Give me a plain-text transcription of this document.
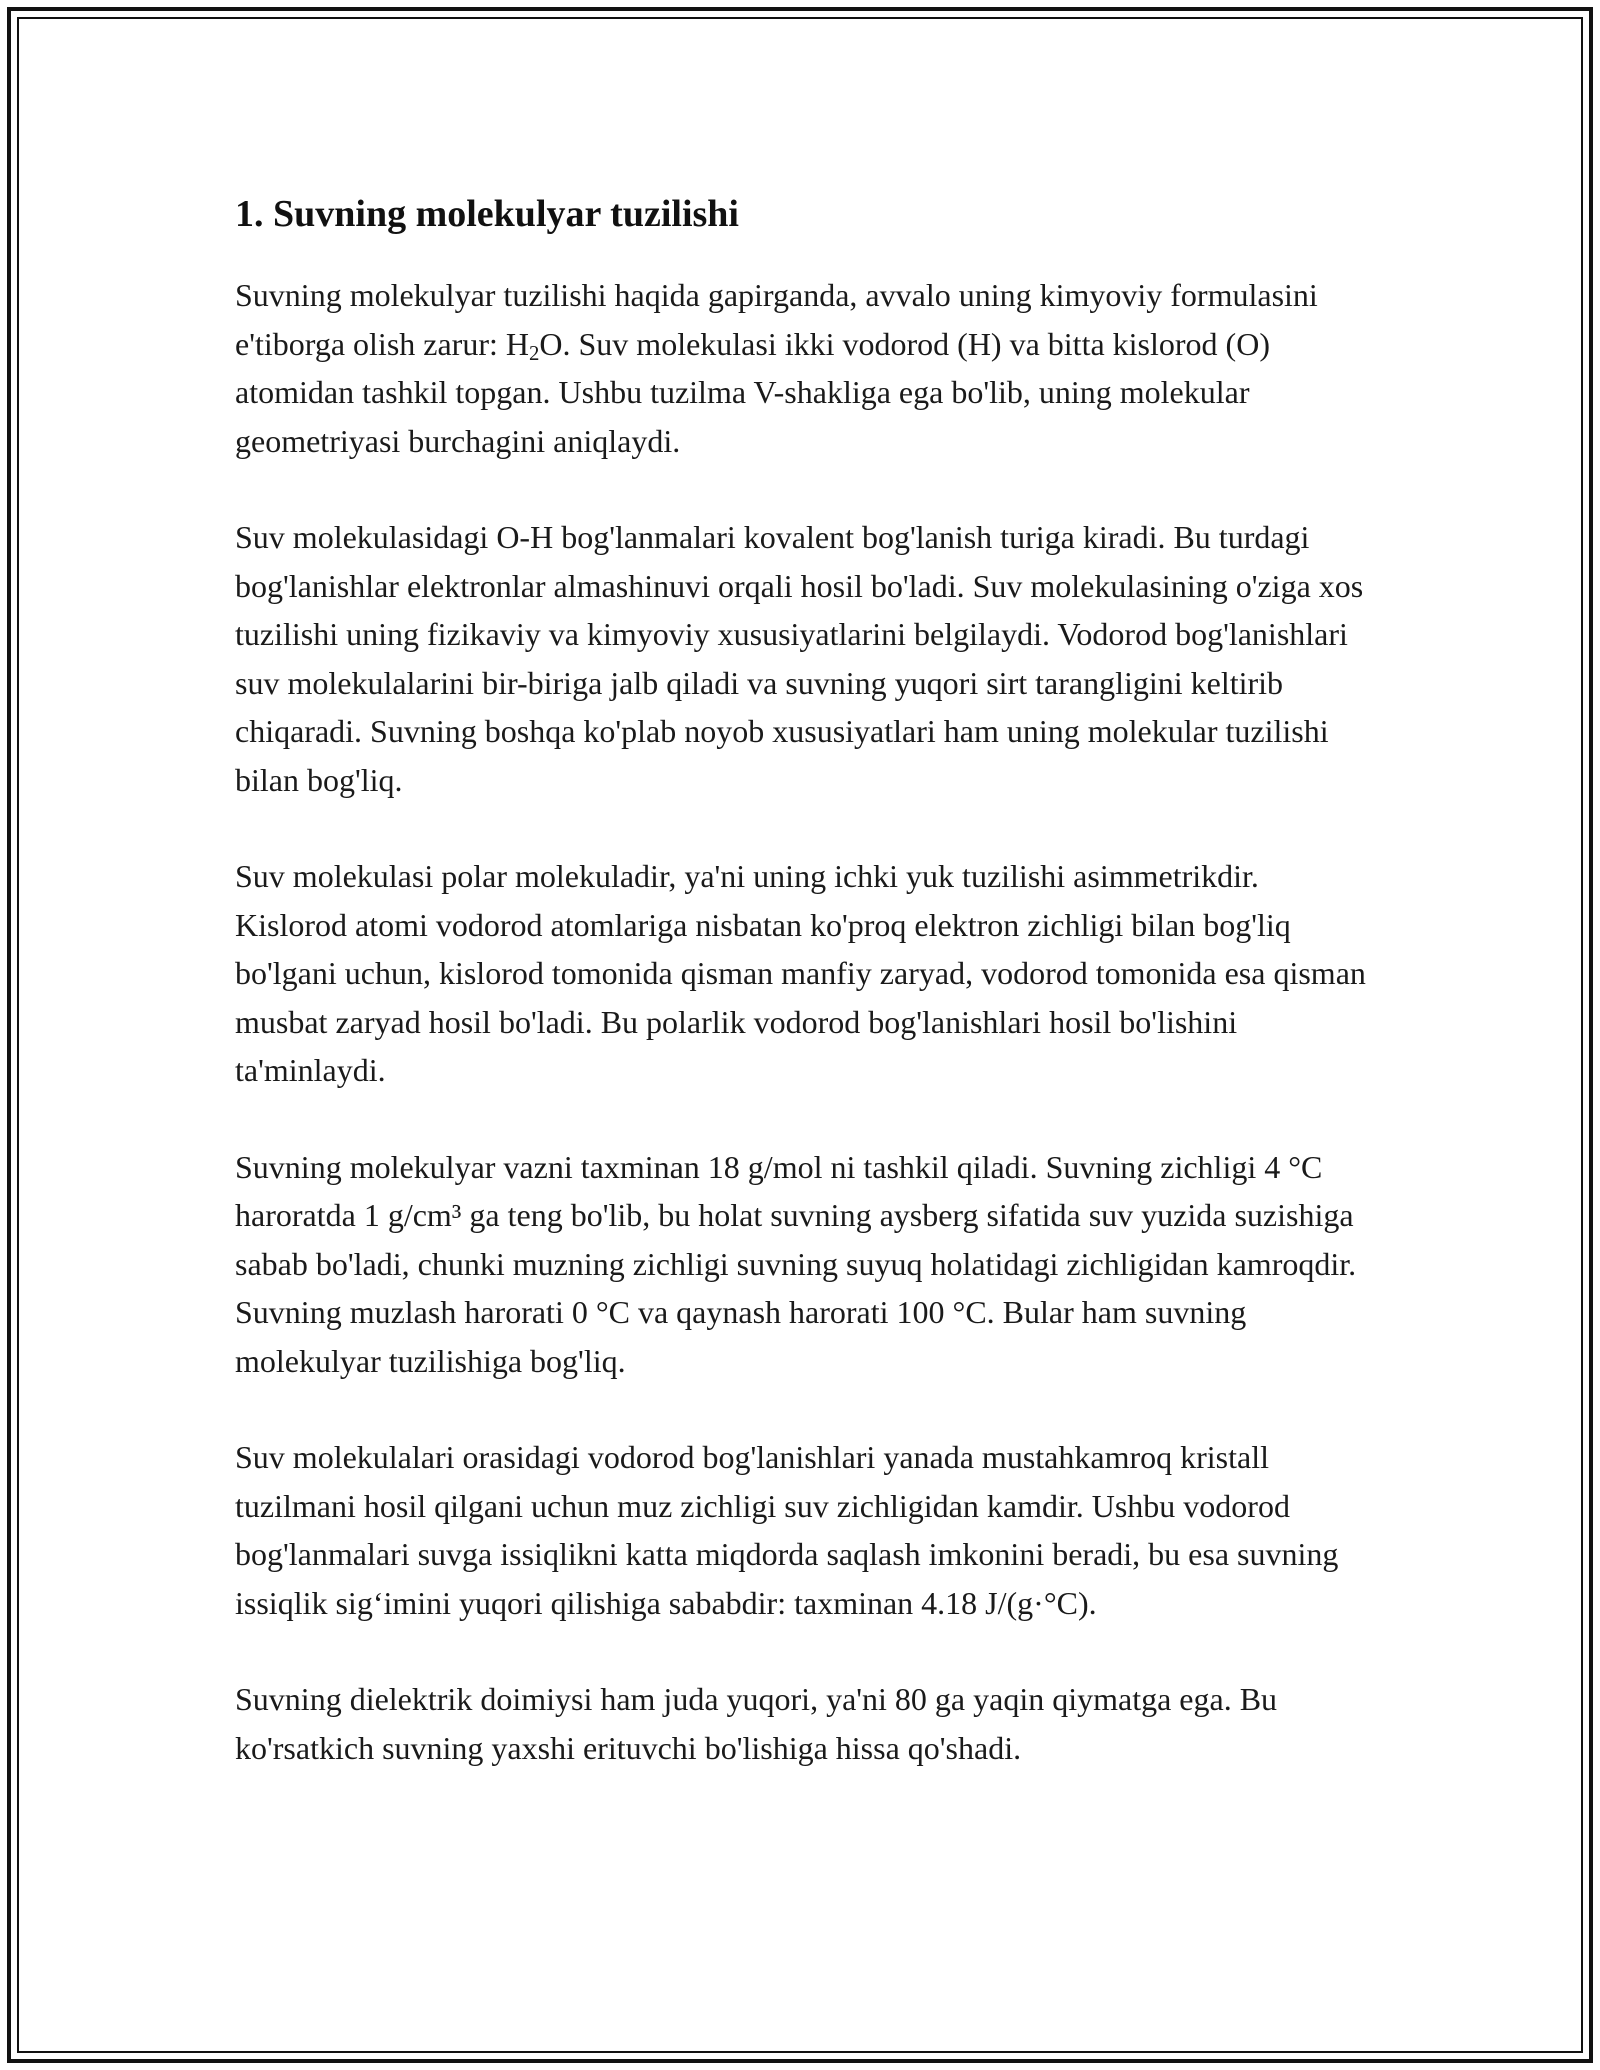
1. Suvning molekulyar tuzilishi

Suvning molekulyar tuzilishi haqida gapirganda, avvalo uning kimyoviy formulasini e'tiborga olish zarur: $H_2O$. Suv molekulasi ikki vodorod (H) va bitta kislorod (O) atomidan tashkil topgan. Ushbu tuzilma V-shakliga ega bo'lib, uning molekular geometriyasi burchagini aniqlaydi.

Suv molekulasidagi O-H bog'lanmalari kovalent bog'lanish turiga kiradi. Bu turdagi bog'lanishlar elektronlar almashinuvi orqali hosil bo'ladi. Suv molekulasining o'ziga xos tuzilishi uning fizikaviy va kimyoviy xususiyatlarini belgilaydi. Vodorod bog'lanishlari suv molekulalarini bir-biriga jalb qiladi va suvning yuqori sirt tarangligini keltirib chiqaradi. Suvning boshqa ko'plab noyob xususiyatlari ham uning molekular tuzilishi bilan bog'liq.

Suv molekulasi polar molekuladir, ya'ni uning ichki yuk tuzilishi asimmetrikdir. Kislorod atomi vodorod atomlariga nisbatan ko'proq elektron zichligi bilan bog'liq bo'lgani uchun, kislorod tomonida qisman manfiy zaryad, vodorod tomonida esa qisman musbat zaryad hosil bo'ladi. Bu polarlik vodorod bog'lanishlari hosil bo'lishini ta'minlaydi.

Suvning molekulyar vazni taxminan 18 g/mol ni tashkil qiladi. Suvning zichligi 4 °C haroratda 1 g/cm³ ga teng bo'lib, bu holat suvning aysberg sifatida suv yuzida suzishiga sabab bo'ladi, chunki muzning zichligi suvning suyuq holatidagi zichligidan kamroqdir. Suvning muzlash harorati 0 °C va qaynash harorati 100 °C. Bular ham suvning molekulyar tuzilishiga bog'liq.

Suv molekulalari orasidagi vodorod bog'lanishlari yanada mustahkamroq kristall tuzilmani hosil qilgani uchun muz zichligi suv zichligidan kamdir. Ushbu vodorod bog'lanmalari suvga issiqlikni katta miqdorda saqlash imkonini beradi, bu esa suvning issiqlik sig‘imini yuqori qilishiga sababdir: taxminan 4.18 J/(g·°C).

Suvning dielektrik doimiysi ham juda yuqori, ya'ni 80 ga yaqin qiymatga ega. Bu ko'rsatkich suvning yaxshi erituvchi bo'lishiga hissa qo'shadi.
